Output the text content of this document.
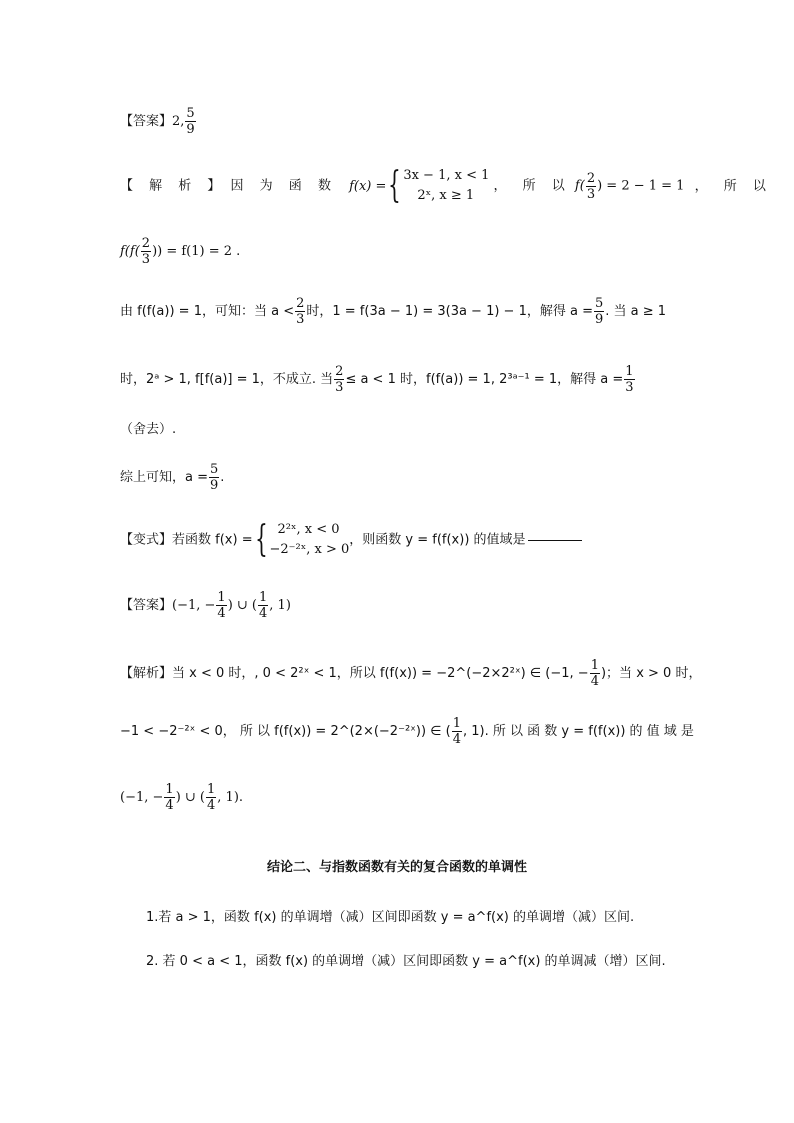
【答案】2, $\frac{5}{9}$
【 解 析 】 因 为 函 数 f(x) ={ 3x − 1, x < 1
2ˣ, x ≥ 1
， 所 以 $f( \frac{2}{3}$ ) = 2 − 1 = 1 ， 所 以
$f(f( \frac{2}{3}$ )) = f(1) = 2 .
由 f(f(a)) = 1，可知：当 $a < \frac{2}{3}$ 时，1 = f(3a − 1) = 3(3a − 1) − 1，解得 $a = \frac{5}{9}$ . 当 a ≥ 1
时，2ᵃ > 1, f[f(a)] = 1，不成立. 当 $\frac{2}{3} \le a < 1$ 时，f(f(a)) = 1, 2³ᵃ⁻¹ = 1，解得 $a = \frac{1}{3}$
（舍去）.
综上可知，$a = \frac{5}{9}$ .
【变式】若函数 f(x) ={ 2²ˣ, x < 0
−2⁻²ˣ, x > 0
，则函数 y = f(f(x)) 的值域是
【答案】(−1, − $\frac{1}{4}$ ) ∪ ( $\frac{1}{4}$ , 1)
【解析】当 x < 0 时，, 0 < 2²ˣ < 1，所以 f(f(x)) = −2^(−2×2²ˣ) ∈ (−1, − $\frac{1}{4}$ )；当 x > 0 时，
−1 < −2⁻²ˣ < 0， 所 以 f(f(x)) = 2^(2×(−2⁻²ˣ)) ∈ ( $\frac{1}{4}$ , 1). 所 以 函 数 y = f(f(x)) 的 值 域 是
(−1, − $\frac{1}{4}$ ) ∪ ( $\frac{1}{4}$ , 1).
结论二、与指数函数有关的复合函数的单调性
1.若 a > 1，函数 f(x) 的单调增（减）区间即函数 y = a^f(x) 的单调增（减）区间.
2. 若 0 < a < 1，函数 f(x) 的单调增（减）区间即函数 y = a^f(x) 的单调减（增）区间.
